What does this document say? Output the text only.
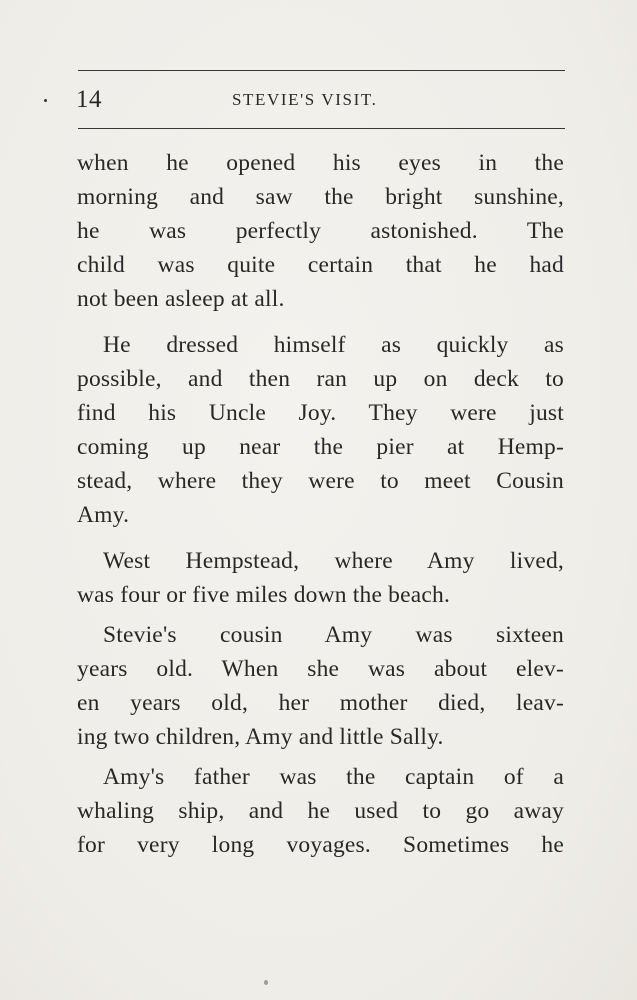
14	STEVIE'S VISIT.

when he opened his eyes in the

morning and saw the bright sunshine,

he was perfectly astonished. The

child was quite certain that he had

not been asleep at all.

He dressed himself as quickly as

possible, and then ran up on deck to

find his Uncle Joy. They were just

coming up near the pier at Hemp-

stead, where they were to meet Cousin

Amy.

West Hempstead, where Amy lived,

was four or five miles down the beach.

Stevie's cousin Amy was sixteen

years old. When she was about elev-

en years old, her mother died, leav-

ing two children, Amy and little Sally.

Amy's father was the captain of a

whaling ship, and he used to go away

for very long voyages. Sometimes he
